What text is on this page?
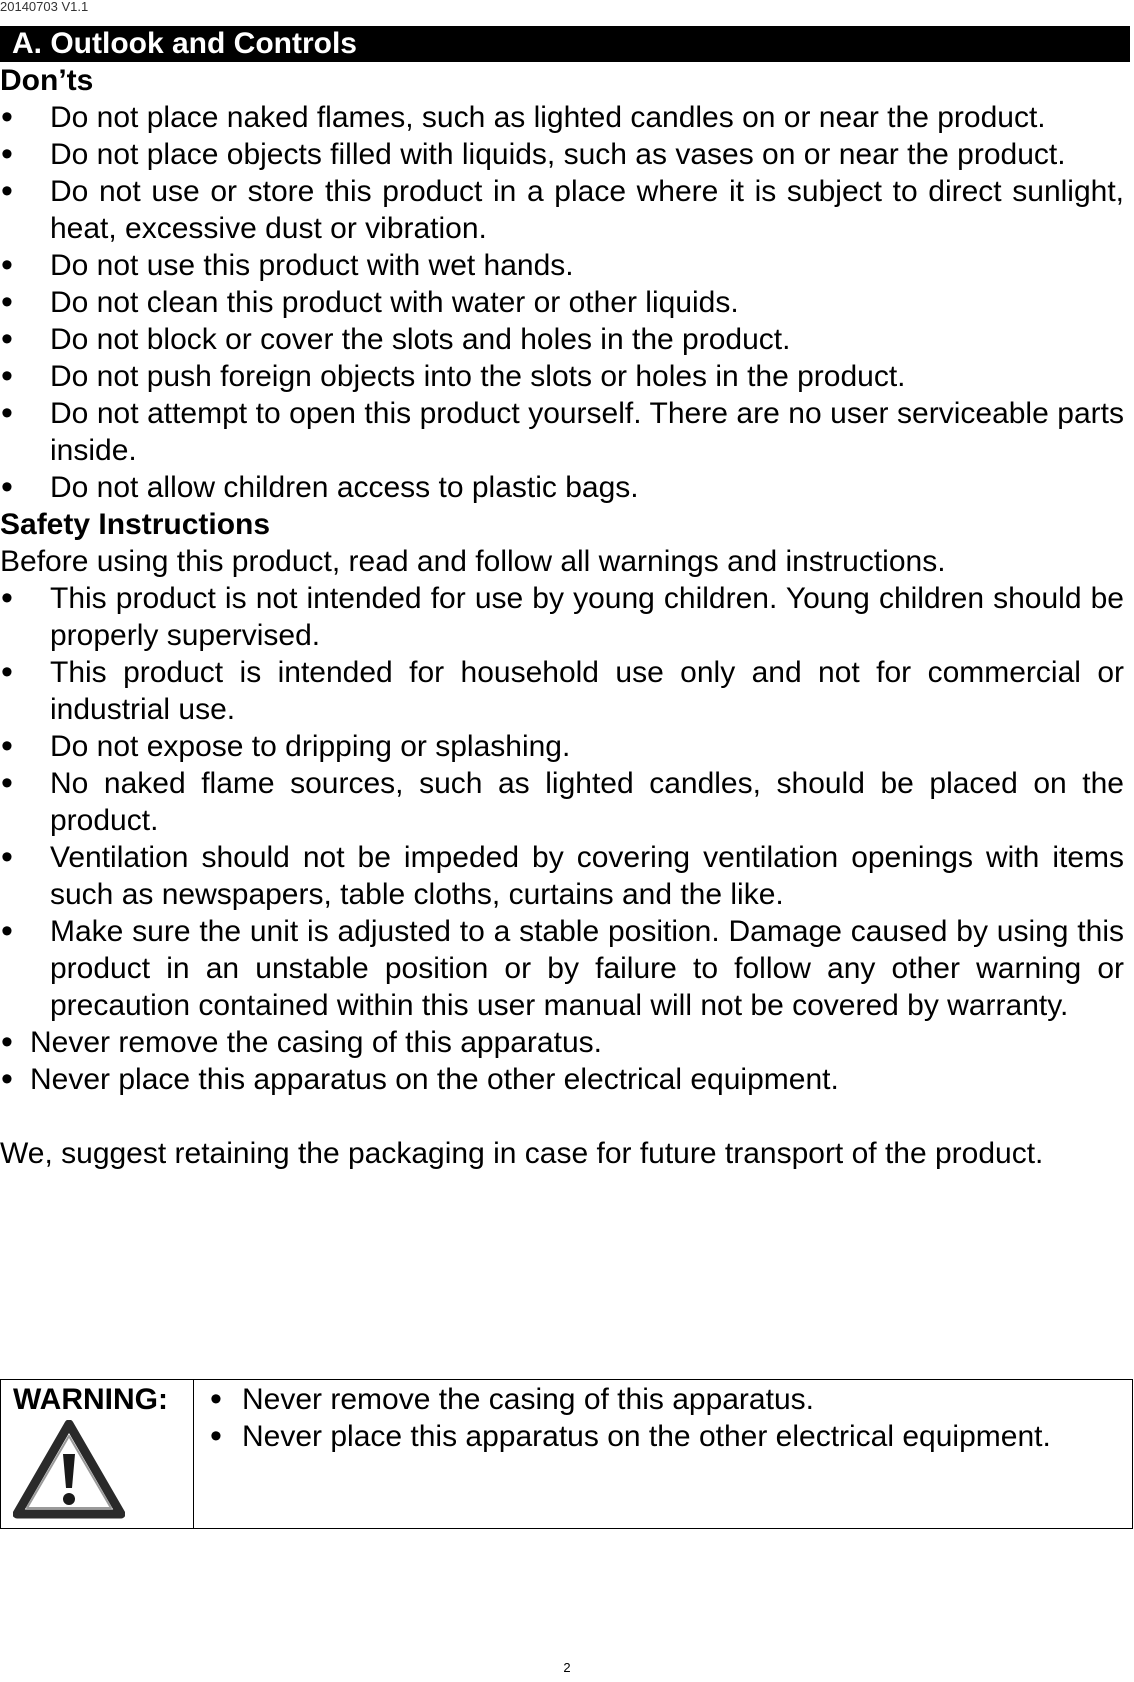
20140703 V1.1
A. Outlook and Controls

Don’ts

• Do not place naked flames, such as lighted candles on or near the product.
• Do not place objects filled with liquids, such as vases on or near the product.
• Do not use or store this product in a place where it is subject to direct sunlight, heat, excessive dust or vibration.
• Do not use this product with wet hands.
• Do not clean this product with water or other liquids.
• Do not block or cover the slots and holes in the product.
• Do not push foreign objects into the slots or holes in the product.
• Do not attempt to open this product yourself. There are no user serviceable parts inside.
• Do not allow children access to plastic bags.

Safety Instructions

Before using this product, read and follow all warnings and instructions.

• This product is not intended for use by young children. Young children should be properly supervised.
• This product is intended for household use only and not for commercial or industrial use.
• Do not expose to dripping or splashing.
• No naked flame sources, such as lighted candles, should be placed on the product.
• Ventilation should not be impeded by covering ventilation openings with items such as newspapers, table cloths, curtains and the like.
• Make sure the unit is adjusted to a stable position. Damage caused by using this product in an unstable position or by failure to follow any other warning or precaution contained within this user manual will not be covered by warranty.
• Never remove the casing of this apparatus.
• Never place this apparatus on the other electrical equipment.

We, suggest retaining the packaging in case for future transport of the product.

WARNING:
•	Never remove the casing of this apparatus.
• Never place this apparatus on the other electrical equipment.
2
